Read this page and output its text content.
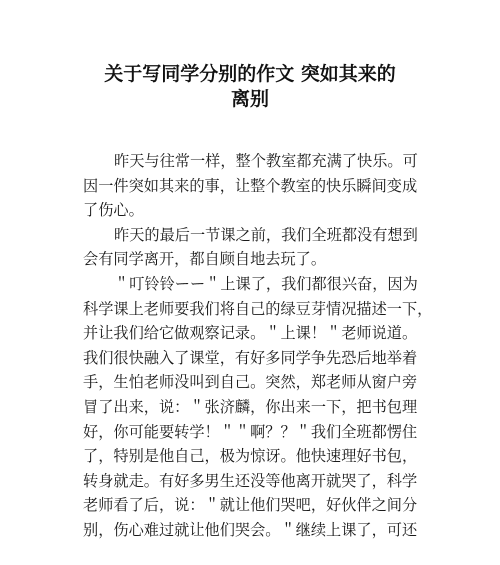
关于写同学分别的作文 突如其来的
离别

昨天与往常一样，整个教室都充满了快乐。可
因一件突如其来的事，让整个教室的快乐瞬间变成
了伤心。

昨天的最后一节课之前，我们全班都没有想到
会有同学离开，都自顾自地去玩了。

＂叮铃铃ーー＂上课了，我们都很兴奋，因为
科学课上老师要我们将自己的绿豆芽情况描述一下，
并让我们给它做观察记录。＂上课！＂老师说道。
我们很快融入了课堂，有好多同学争先恐后地举着
手，生怕老师没叫到自己。突然，郑老师从窗户旁
冒了出来，说：＂张济麟，你出来一下，把书包理
好，你可能要转学！＂＂啊？？＂我们全班都愣住
了，特别是他自己，极为惊讶。他快速理好书包，
转身就走。有好多男生还没等他离开就哭了，科学
老师看了后，说：＂就让他们哭吧，好伙伴之间分
别，伤心难过就让他们哭会。＂继续上课了，可还
